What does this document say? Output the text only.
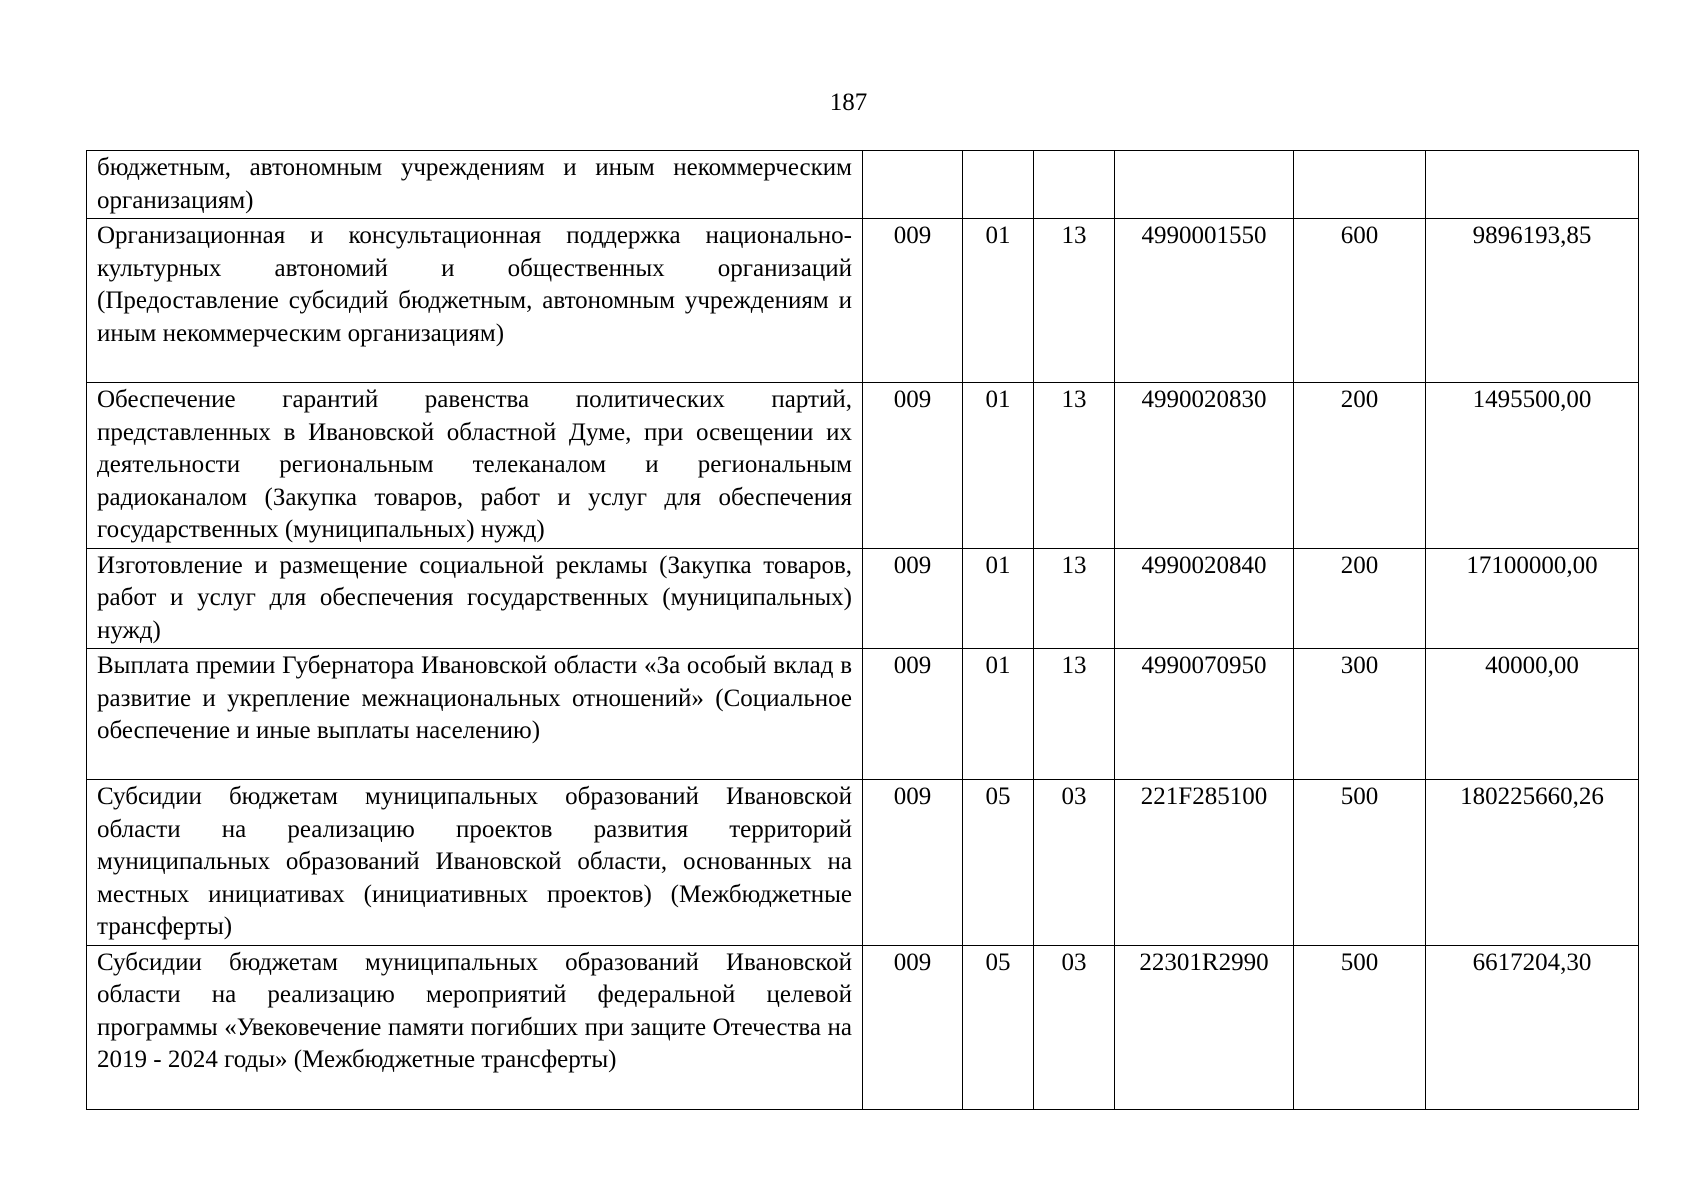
187
бюджетным, автономным учреждениям и иным некоммерческим организациям)						
Организационная и консультационная поддержка национально-культурных автономий и общественных организаций (Предоставление субсидий бюджетным, автономным учреждениям и иным некоммерческим организациям)	009	01	13	4990001550	600	9896193,85
Обеспечение гарантий равенства политических партий, представленных в Ивановской областной Думе, при освещении их деятельности региональным телеканалом и региональным радиоканалом (Закупка товаров, работ и услуг для обеспечения государственных (муниципальных) нужд)	009	01	13	4990020830	200	1495500,00
Изготовление и размещение социальной рекламы (Закупка товаров, работ и услуг для обеспечения государственных (муниципальных) нужд)	009	01	13	4990020840	200	17100000,00
Выплата премии Губернатора Ивановской области «За особый вклад в развитие и укрепление межнациональных отношений» (Социальное обеспечение и иные выплаты населению)	009	01	13	4990070950	300	40000,00
Субсидии бюджетам муниципальных образований Ивановской области на реализацию проектов развития территорий муниципальных образований Ивановской области, основанных на местных инициативах (инициативных проектов) (Межбюджетные трансферты)	009	05	03	221F285100	500	180225660,26
Субсидии бюджетам муниципальных образований Ивановской области на реализацию мероприятий федеральной целевой программы «Увековечение памяти погибших при защите Отечества на 2019 - 2024 годы» (Межбюджетные трансферты)	009	05	03	22301R2990	500	6617204,30
